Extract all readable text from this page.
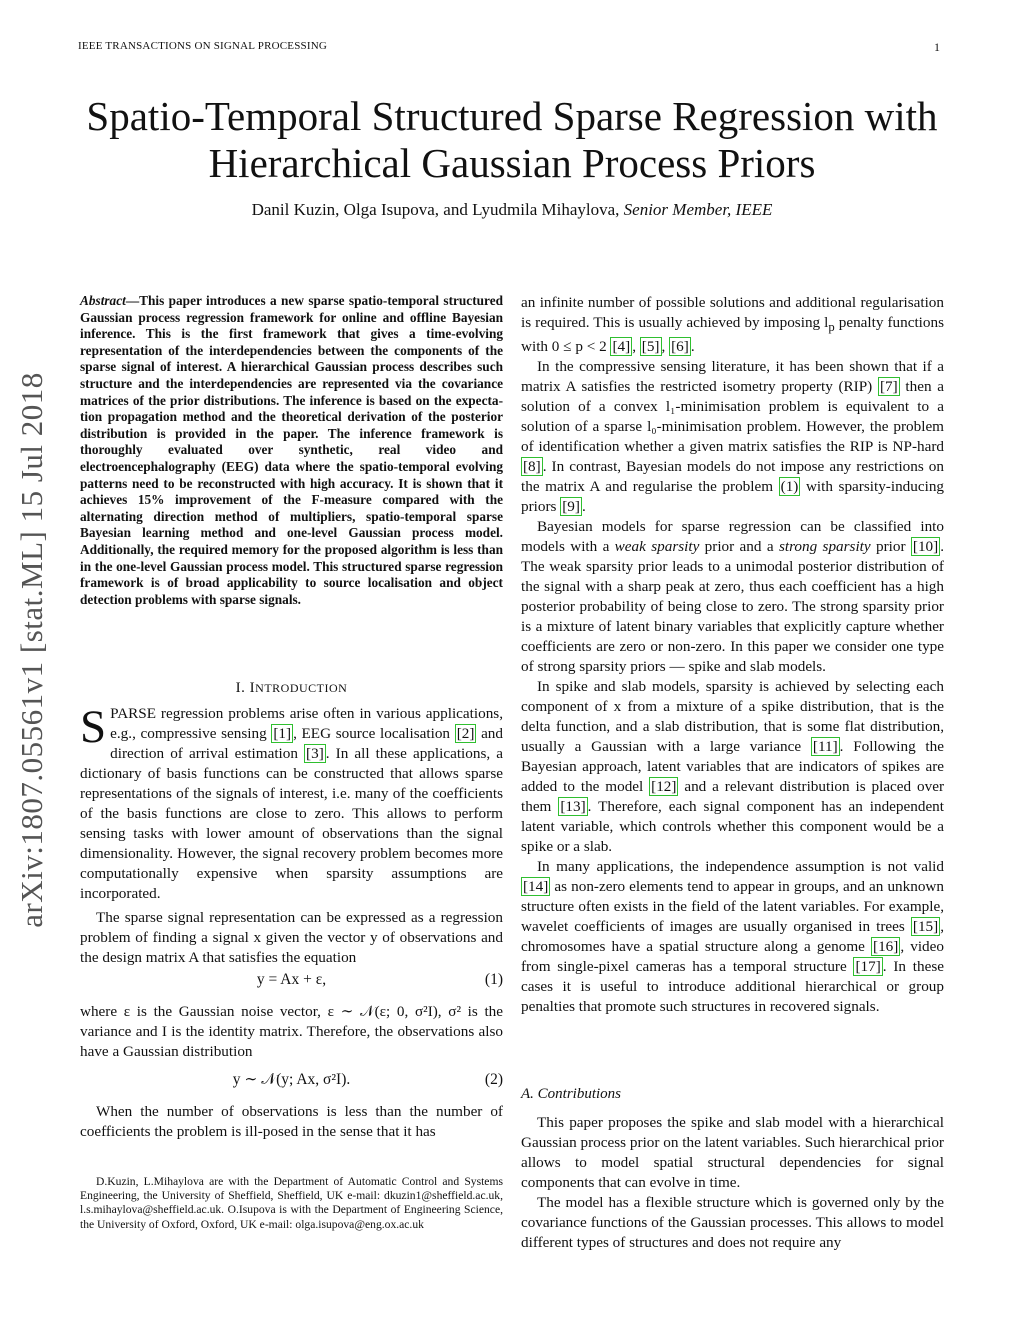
IEEE TRANSACTIONS ON SIGNAL PROCESSING	1
Spatio-Temporal Structured Sparse Regression with
Hierarchical Gaussian Process Priors
Danil Kuzin, Olga Isupova, and Lyudmila Mihaylova, Senior Member, IEEE
arXiv:1807.05561v1 [stat.ML] 15 Jul 2018
Abstract—This paper introduces a new sparse spatio-temporal structured Gaussian process regression framework for online and offline Bayesian inference. This is the first framework that gives a time-evolving representation of the interdependencies between the components of the sparse signal of interest. A hierarchical Gaussian process describes such structure and the interdependencies are represented via the covariance matrices of the prior distributions. The inference is based on the expecta-tion propagation method and the theoretical derivation of the posterior distribution is provided in the paper. The inference framework is thoroughly evaluated over synthetic, real video and electroencephalography (EEG) data where the spatio-temporal evolving patterns need to be reconstructed with high accuracy. It is shown that it achieves 15% improvement of the F-measure compared with the alternating direction method of multipliers, spatio-temporal sparse Bayesian learning method and one-level Gaussian process model. Additionally, the required memory for the proposed algorithm is less than in the one-level Gaussian process model. This structured sparse regression framework is of broad applicability to source localisation and object detection problems with sparse signals.
I. INTRODUCTION

SPARSE regression problems arise often in various applications, e.g., compressive sensing [1] , EEG source localisation [2] and direction of arrival estimation [3] . In all these applications, a dictionary of basis functions can be constructed that allows sparse representations of the signals of interest, i.e. many of the coefficients of the basis functions are close to zero. This allows to perform sensing tasks with lower amount of observations than the signal dimensionality. However, the signal recovery problem becomes more computationally expensive when sparsity assumptions are incorporated.

The sparse signal representation can be expressed as a regression problem of finding a signal x given the vector y of observations and the design matrix A that satisfies the equation

y = Ax + ε,	(1)

where ε is the Gaussian noise vector, ε ∼ 𝒩(ε; 0, σ²I), σ² is the variance and I is the identity matrix. Therefore, the observations also have a Gaussian distribution

y ∼ 𝒩(y; Ax, σ²I).	(2)

When the number of observations is less than the number of coefficients the problem is ill-posed in the sense that it has

D.Kuzin, L.Mihaylova are with the Department of Automatic Control and Systems Engineering, the University of Sheffield, Sheffield, UK e-mail: dkuzin1@sheffield.ac.uk, l.s.mihaylova@sheffield.ac.uk. O.Isupova is with the Department of Engineering Science, the University of Oxford, Oxford, UK e-mail: olga.isupova@eng.ox.ac.uk

an infinite number of possible solutions and additional regularisation is required. This is usually achieved by imposing $l_p$ penalty functions with 0 ≤ p < 2 [4] , [5] , [6] .

In the compressive sensing literature, it has been shown that if a matrix A satisfies the restricted isometry property (RIP) [7] then a solution of a convex l₁-minimisation problem is equivalent to a solution of a sparse l₀-minimisation problem. However, the problem of identification whether a given matrix satisfies the RIP is NP-hard [8] . In contrast, Bayesian models do not impose any restrictions on the matrix A and regularise the problem (1) with sparsity-inducing priors [9] .

Bayesian models for sparse regression can be classified into models with a weak sparsity prior and a strong sparsity prior [10] . The weak sparsity prior leads to a unimodal posterior distribution of the signal with a sharp peak at zero, thus each coefficient has a high posterior probability of being close to zero. The strong sparsity prior is a mixture of latent binary variables that explicitly capture whether coefficients are zero or non-zero. In this paper we consider one type of strong sparsity priors — spike and slab models.

In spike and slab models, sparsity is achieved by selecting each component of x from a mixture of a spike distribution, that is the delta function, and a slab distribution, that is some flat distribution, usually a Gaussian with a large variance [11] . Following the Bayesian approach, latent variables that are indicators of spikes are added to the model [12] and a relevant distribution is placed over them [13] . Therefore, each signal component has an independent latent variable, which controls whether this component would be a spike or a slab.

In many applications, the independence assumption is not valid [14] as non-zero elements tend to appear in groups, and an unknown structure often exists in the field of the latent variables. For example, wavelet coefficients of images are usually organised in trees [15] , chromosomes have a spatial structure along a genome [16] , video from single-pixel cameras has a temporal structure [17] . In these cases it is useful to introduce additional hierarchical or group penalties that promote such structures in recovered signals.

A. Contributions

This paper proposes the spike and slab model with a hierarchical Gaussian process prior on the latent variables. Such hierarchical prior allows to model spatial structural dependencies for signal components that can evolve in time.

The model has a flexible structure which is governed only by the covariance functions of the Gaussian processes. This allows to model different types of structures and does not require any
